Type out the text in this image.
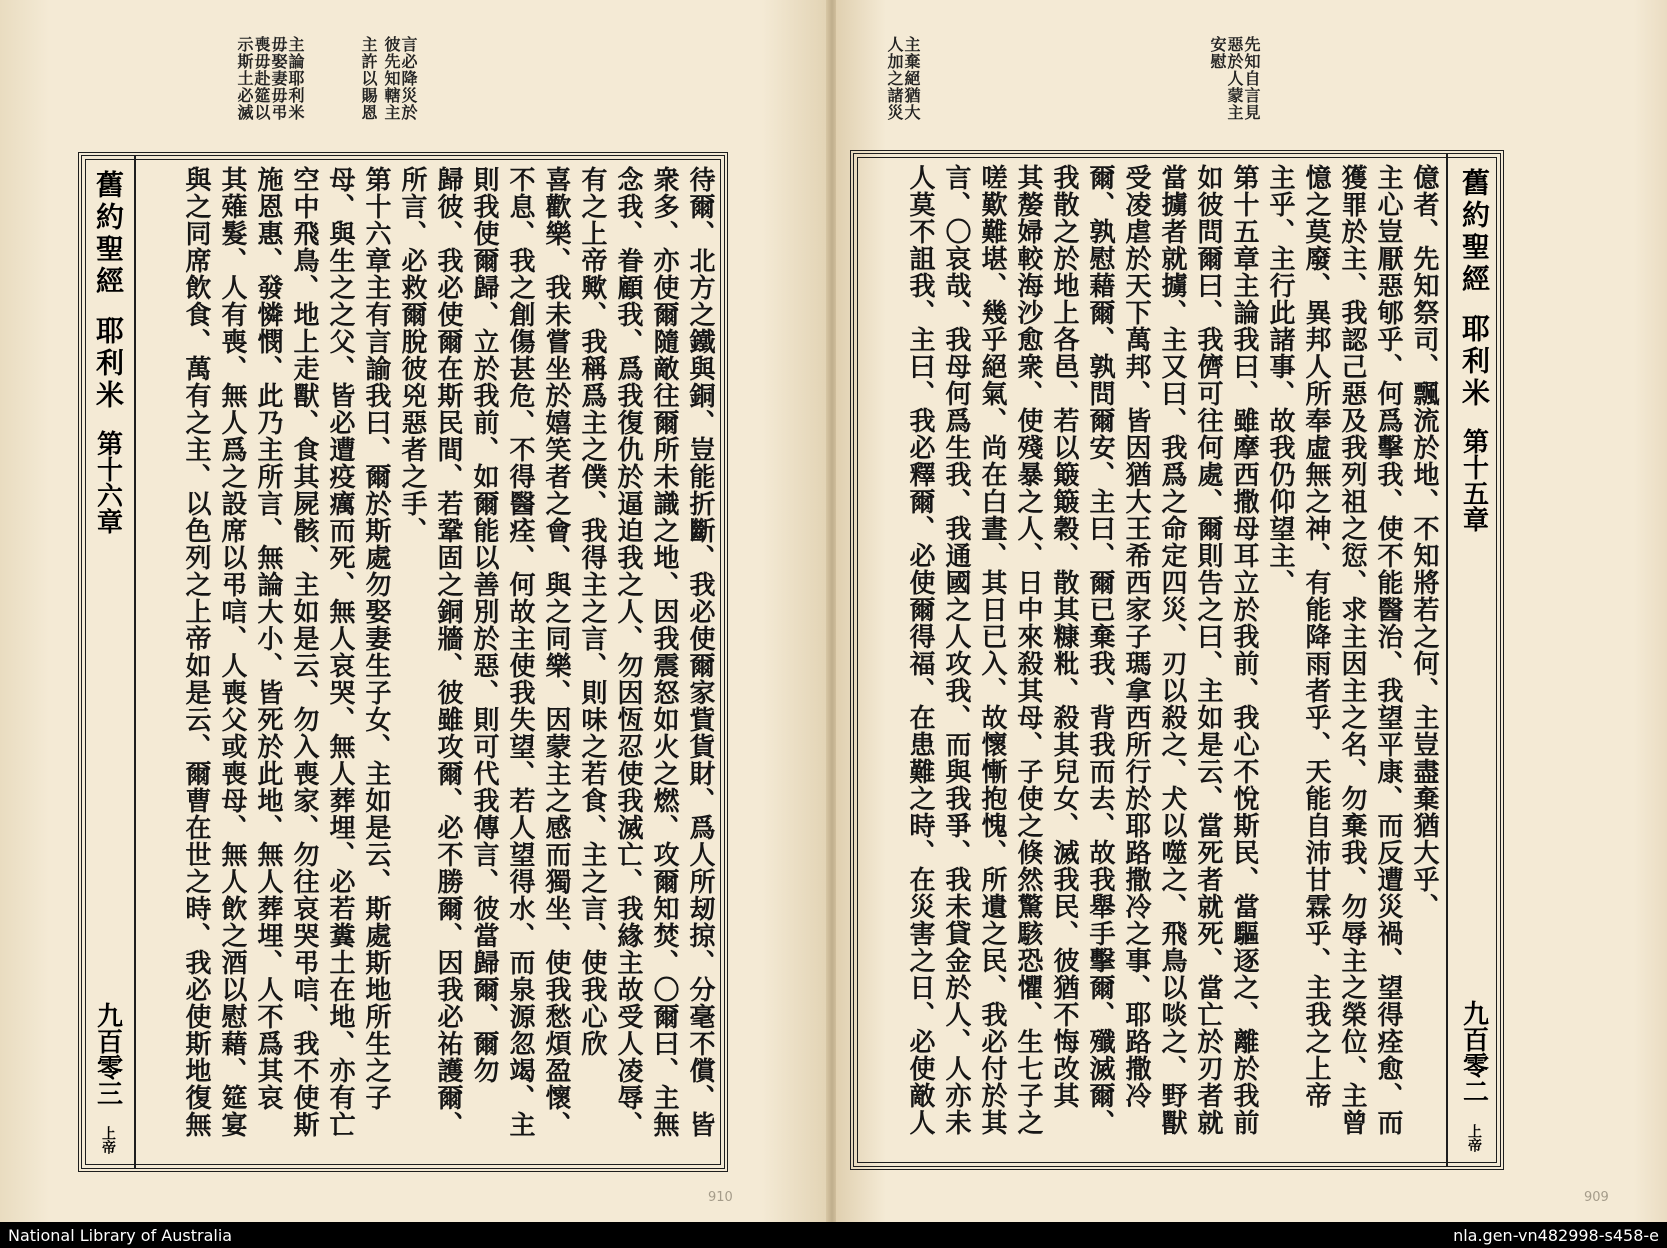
言必降災於彼先知轄主
主許以賜恩
主論耶利米毋娶妻毋弔喪毋赴筵以示斯土必滅
舊約聖經
耶利米
第十六章
九百零三
上帝
待爾、北方之鐵與銅、豈能折斷、我必使爾家貲貨財、爲人所刼掠、分毫不償、皆
衆多、亦使爾隨敵往爾所未識之地、因我震怒如火之燃、攻爾知焚、〇爾曰、主無
念我、眷顧我、爲我復仇於逼迫我之人、勿因恆忍使我滅亡、我緣主故受人凌辱、
有之上帝歟、我稱爲主之僕、我得主之言、則味之若食、主之言、使我心欣
喜歡樂、我未嘗坐於嬉笑者之會、與之同樂、因蒙主之感而獨坐、使我愁煩盈懷、
不息、我之創傷甚危、不得醫痊、何故主使我失望、若人望得水、而泉源忽竭、主
則我使爾歸、立於我前、如爾能以善別於惡、則可代我傳言、彼當歸爾、爾勿
歸彼、我必使爾在斯民間、若鞏固之銅牆、彼雖攻爾、必不勝爾、因我必祐護爾、
所言、必救爾脫彼兇惡者之手、
第十六章主有言諭我曰、爾於斯處勿娶妻生子女、主如是云、斯處斯地所生之子
母、與生之之父、皆必遭疫癘而死、無人哀哭、無人葬埋、必若糞土在地、亦有亡
空中飛鳥、地上走獸、食其屍骸、主如是云、勿入喪家、勿往哀哭弔唁、我不使斯
施恩惠、發憐憫、此乃主所言、無論大小、皆死於此地、無人葬埋、人不爲其哀
其薙髮、人有喪、無人爲之設席以弔唁、人喪父或喪母、無人飲之酒以慰藉、筵宴
與之同席飲食、萬有之主、以色列之上帝如是云、爾曹在世之時、我必使斯地復無
910
先知自言見惡於人蒙主安慰
主棄絕猶大人加之諸災
舊約聖經
耶利米
第十五章
九百零二
上帝
億者、先知祭司、飄流於地、不知將若之何、主豈盡棄猶大乎、
主心豈厭惡郇乎、何爲擊我、使不能醫治、我望平康、而反遭災禍、望得痊愈、而
獲罪於主、我認己惡及我列祖之愆、求主因主之名、勿棄我、勿辱主之榮位、主曾
憶之莫廢、異邦人所奉虛無之神、有能降雨者乎、天能自沛甘霖乎、主我之上帝
主乎、主行此諸事、故我仍仰望主、
第十五章主論我曰、雖摩西撒母耳立於我前、我心不悅斯民、當驅逐之、離於我前
如彼問爾曰、我儕可往何處、爾則告之曰、主如是云、當死者就死、當亡於刃者就
當擄者就擄、主又曰、我爲之命定四災、刃以殺之、犬以噬之、飛鳥以啖之、野獸
受凌虐於天下萬邦、皆因猶大王希西家子瑪拿西所行於耶路撒冷之事、耶路撒冷
爾、孰慰藉爾、孰問爾安、主曰、爾已棄我、背我而去、故我舉手擊爾、殲滅爾、
我散之於地上各邑、若以簸簸穀、散其糠粃、殺其兒女、滅我民、彼猶不悔改其
其嫠婦較海沙愈衆、使殘暴之人、日中來殺其母、子使之倏然驚駭恐懼、生七子之
嗟歎難堪、幾乎絕氣、尚在白晝、其日已入、故懷慚抱愧、所遺之民、我必付於其
言、〇哀哉、我母何爲生我、我通國之人攻我、而與我爭、我未貸金於人、人亦未
人莫不詛我、主曰、我必釋爾、必使爾得福、在患難之時、在災害之日、必使敵人
909
National Library of Australia	nla.gen-vn482998-s458-e
